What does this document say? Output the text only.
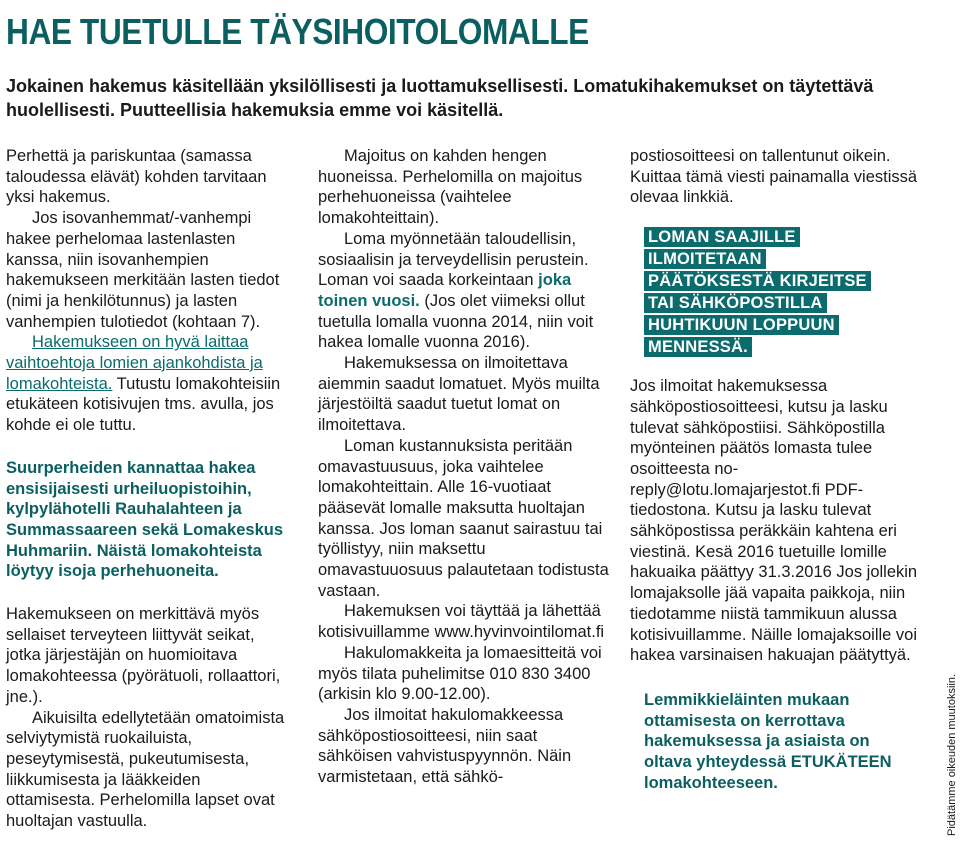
HAE TUETULLE TÄYSIHOITOLOMALLE

Jokainen hakemus käsitellään yksilöllisesti ja luottamuksellisesti. Lomatukihakemukset on täytettävä huolellisesti. Puutteellisia hakemuksia emme voi käsitellä.

Perhettä ja pariskuntaa (samassa taloudessa elävät) kohden tarvitaan yksi hakemus.

Jos isovanhemmat/-vanhempi hakee perhelomaa lastenlasten kanssa, niin isovanhempien hakemukseen merkitään lasten tiedot (nimi ja henkilötunnus) ja lasten vanhempien tulotiedot (kohtaan 7).

Hakemukseen on hyvä laittaa vaihtoehtoja lomien ajankohdista ja lomakohteista. Tutustu lomakohteisiin etukäteen kotisivujen tms. avulla, jos kohde ei ole tuttu.

Suurperheiden kannattaa hakea ensisijaisesti urheiluopistoihin, kylpylähotelli Rauhalahteen ja Summassaareen sekä Lomakeskus Huhmariin. Näistä lomakohteista löytyy isoja perhehuoneita.

Hakemukseen on merkittävä myös sellaiset terveyteen liittyvät seikat, jotka järjestäjän on huomioitava lomakohteessa (pyörätuoli, rollaattori, jne.).

Aikuisilta edellytetään omatoimista selviytymistä ruokailuista, peseytymisestä, pukeutumisesta, liikkumisesta ja lääkkeiden ottamisesta. Perhelomilla lapset ovat huoltajan vastuulla.

Majoitus on kahden hengen huoneissa. Perhelomilla on majoitus perhehuoneissa (vaihtelee lomakohteittain).

Loma myönnetään taloudellisin, sosiaalisin ja terveydellisin perustein. Loman voi saada korkeintaan joka toinen vuosi. (Jos olet viimeksi ollut tuetulla lomalla vuonna 2014, niin voit hakea lomalle vuonna 2016).

Hakemuksessa on ilmoitettava aiemmin saadut lomatuet. Myös muilta järjestöiltä saadut tuetut lomat on ilmoitettava.

Loman kustannuksista peritään omavastuusuus, joka vaihtelee lomakohteittain. Alle 16-vuotiaat pääsevät lomalle maksutta huoltajan kanssa. Jos loman saanut sairastuu tai työllistyy, niin maksettu omavastuuosuus palautetaan todistusta vastaan.

Hakemuksen voi täyttää ja lähettää kotisivuillamme www.hyvinvointilomat.fi

Hakulomakkeita ja lomaesitteitä voi myös tilata puhelimitse 010 830 3400 (arkisin klo 9.00-12.00).

Jos ilmoitat hakulomakkeessa sähköpostiosoitteesi, niin saat sähköisen vahvistuspyynnön. Näin varmistetaan, että sähkö-

postiosoitteesi on tallentunut oikein. Kuittaa tämä viesti painamalla viestissä olevaa linkkiä.

LOMAN SAAJILLE ILMOITETAAN PÄÄTÖKSESTÄ KIRJEITSE TAI SÄHKÖPOSTILLA HUHTIKUUN LOPPUUN MENNESSÄ.

Jos ilmoitat hakemuksessa sähköpostiosoitteesi, kutsu ja lasku tulevat sähköpostiisi. Sähköpostilla myönteinen päätös lomasta tulee osoitteesta no-reply@lotu.lomajarjestot.fi PDF-tiedostona. Kutsu ja lasku tulevat sähköpostissa peräkkäin kahtena eri viestinä. Kesä 2016 tuetuille lomille hakuaika päättyy 31.3.2016 Jos jollekin lomajaksolle jää vapaita paikkoja, niin tiedotamme niistä tammikuun alussa kotisivuillamme. Näille lomajaksoille voi hakea varsinaisen hakuajan päätyttyä.

Lemmikkieläinten mukaan ottamisesta on kerrottava hakemuksessa ja asiaista on oltava yhteydessä ETUKÄTEEN lomakohteeseen.	Pidätämme oikeuden muutoksiin.
